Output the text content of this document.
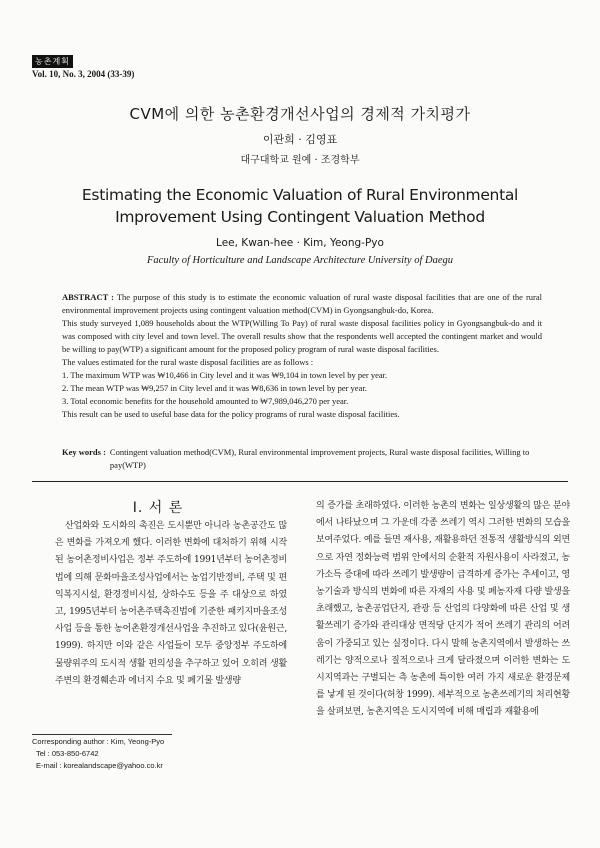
농촌계획
Vol. 10, No. 3, 2004 (33-39)
CVM에 의한 농촌환경개선사업의 경제적 가치평가
이관희 · 김영표
대구대학교 원예 · 조경학부
Estimating the Economic Valuation of Rural Environmental Improvement Using Contingent Valuation Method
Lee, Kwan-hee · Kim, Yeong-Pyo
Faculty of Horticulture and Landscape Architecture University of Daegu

ABSTRACT : The purpose of this study is to estimate the economic valuation of rural waste disposal facilities that are one of the rural environmental improvement projects using contingent valuation method(CVM) in Gyongsangbuk-do, Korea.

This study surveyed 1,089 households about the WTP(Willing To Pay) of rural waste disposal facilities policy in Gyongsangbuk-do and it was composed with city level and town level. The overall results show that the respondents well accepted the contingent market and would be willing to pay(WTP) a significant amount for the proposed policy program of rural waste disposal facilities.

The values estimated for the rural waste disposal facilities are as follows :

1. The maximum WTP was ₩10,466 in City level and it was ₩9,104 in town level by per year.

2. The mean WTP was ₩9,257 in City level and it was ₩8,636 in town level by per year.

3. Total economic benefits for the household amounted to ₩7,989,046,270 per year.

This result can be used to useful base data for the policy programs of rural waste disposal facilities.

Key words : Contingent valuation method(CVM), Rural environmental improvement projects, Rural waste disposal facilities, Willing to pay(WTP)
I. 서 론
산업화와 도시화의 촉진은 도시뿐만 아니라 농촌공간도 많은 변화를 가져오게 했다. 이러한 변화에 대처하기 위해 시작된 농어촌정비사업은 정부 주도하에 1991년부터 농어촌정비법에 의해 문화마을조성사업에서는 농업기반정비, 주택 및 편익복지시설, 환경정비시설, 상하수도 등을 주 대상으로 하였고, 1995년부터 농어촌주택촉진법에 기준한 패키지마을조성사업 등을 통한 농어촌환경개선사업을 추진하고 있다(윤원근, 1999). 하지만 이와 같은 사업들이 모두 중앙정부 주도하에 물량위주의 도시적 생활 편의성을 추구하고 있어 오히려 생활주변의 환경훼손과 에너지 수요 및 폐기물 발생량
의 증가를 초래하였다. 이러한 농촌의 변화는 일상생활의 많은 분야에서 나타났으며 그 가운데 각종 쓰레기 역시 그러한 변화의 모습을 보여주었다. 예를 들면 재사용, 재활용하던 전통적 생활방식의 외면으로 자연 정화능력 범위 안에서의 순환적 자원사용이 사라졌고, 농가소득 증대에 따라 쓰레기 발생량이 급격하게 증가는 추세이고, 영농기술과 방식의 변화에 따른 자재의 사용 및 폐농자재 다량 발생을 초래했고, 농촌공업단지, 관광 등 산업의 다양화에 따른 산업 및 생활쓰레기 증가와 관리대상 면적당 단지가 적어 쓰레기 관리의 어려움이 가중되고 있는 실정이다. 다시 말해 농촌지역에서 발생하는 쓰레기는 양적으로나 질적으로나 크게 달라졌으며 이러한 변화는 도시지역과는 구별되는 측 농촌에 특이한 여러 가지 새로운 환경문제를 낳게 된 것이다(허창 1999). 세부적으로 농촌쓰레기의 처리현황을 살펴보면, 농촌지역은 도시지역에 비해 매립과 재활용에
Corresponding author : Kim, Yeong-Pyo
Tel : 053-850-6742
E-mail : korealandscape@yahoo.co.kr
